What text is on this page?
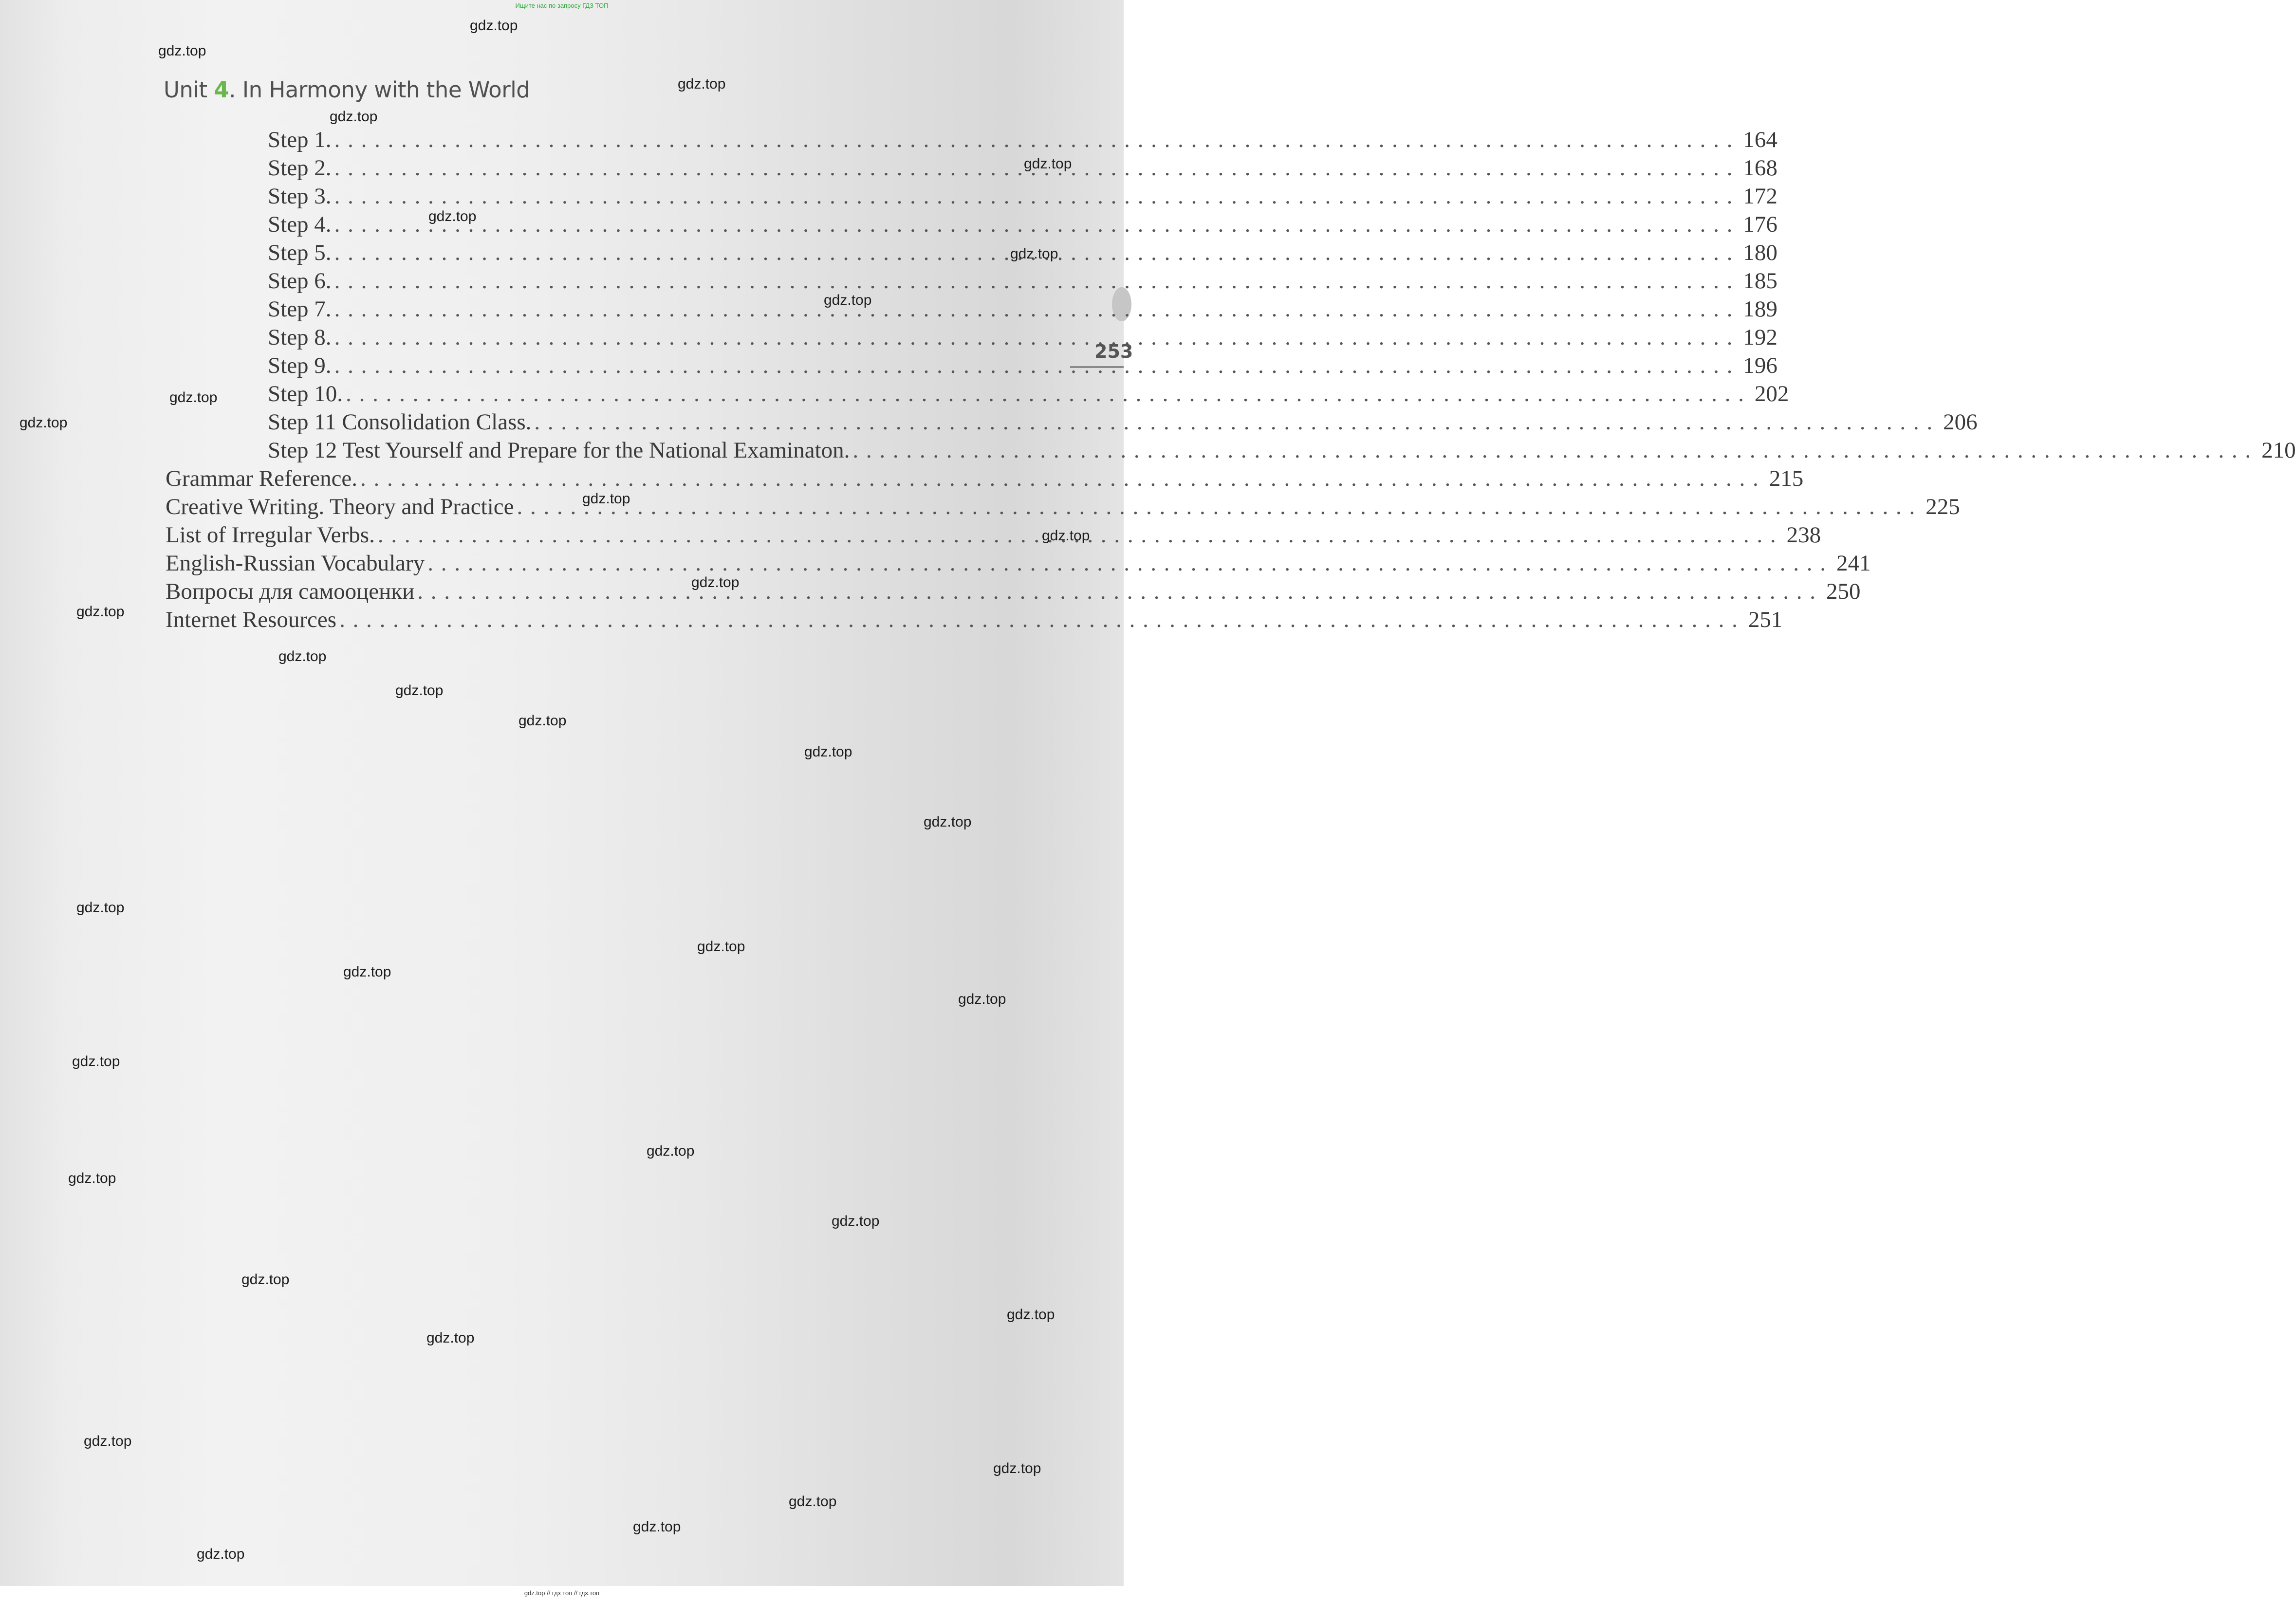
Ищите нас по запросу ГДЗ ТОП
253
Unit 4. In Harmony with the World
Step 1. . . .	164
Step 2. . . .	168
Step 3. . . .	172
Step 4. . . .	176
Step 5. . . .	180
Step 6. . . .	185
Step 7. . . .	189
Step 8. . . .	192
Step 9. . . .	196
Step 10. . . .	202
Step 11 Consolidation Class. . . .	206
Step 12 Test Yourself and Prepare for the National Examinaton. . . .	210
Grammar Reference. . . .	215
Creative Writing. Theory and Practice . . .	225
List of Irregular Verbs. . . .	238
English-Russian Vocabulary . . .	241
Вопросы для самооценки . . .	250
Internet Resources . . .	251
gdz.top
gdz.top
gdz.top
gdz.top
gdz.top
gdz.top
gdz.top
gdz.top
gdz.top
gdz.top
gdz.top
gdz.top
gdz.top
gdz.top
gdz.top
gdz.top
gdz.top
gdz.top
gdz.top
gdz.top
gdz.top
gdz.top
gdz.top
gdz.top
gdz.top
gdz.top
gdz.top
gdz.top
gdz.top
gdz.top
gdz.top
gdz.top
gdz.top
gdz.top
gdz.top
gdz.top // гдз топ // гдз.топ
